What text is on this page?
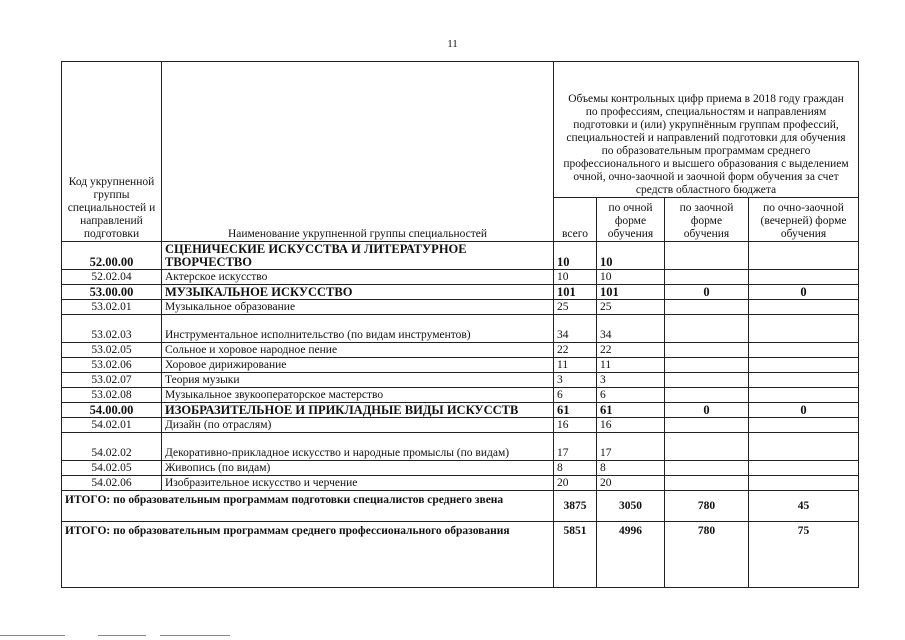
11
Код укрупненной группы специальностей и направлений подготовки	Наименование укрупненной группы специальностей	Объемы контрольных цифр приема в 2018 году граждан по профессиям, специальностям и направлениям подготовки и (или) укрупнённым группам профессий, специальностей и направлений подготовки для обучения по образовательным программам среднего профессионального и высшего образования с выделением очной, очно-заочной и заочной форм обучения за счет средств областного бюджета			
		всего	по очной форме обучения	по заочной форме обучения	по очно-заочной (вечерней) форме обучения
52.00.00	СЦЕНИЧЕСКИЕ ИСКУССТВА И ЛИТЕРАТУРНОЕ ТВОРЧЕСТВО	10	10		
52.02.04	Актерское искусство	10	10		
53.00.00	МУЗЫКАЛЬНОЕ ИСКУССТВО	101	101	0	0
53.02.01	Музыкальное образование	25	25		
53.02.03	Инструментальное исполнительство (по видам инструментов)	34	34		
53.02.05	Сольное и хоровое народное пение	22	22		
53.02.06	Хоровое дирижирование	11	11		
53.02.07	Теория музыки	3	3		
53.02.08	Музыкальное звукооператорское мастерство	6	6		
54.00.00	ИЗОБРАЗИТЕЛЬНОЕ И ПРИКЛАДНЫЕ ВИДЫ ИСКУССТВ	61	61	0	0
54.02.01	Дизайн (по отраслям)	16	16		
54.02.02	Декоративно-прикладное искусство и народные промыслы (по видам)	17	17		
54.02.05	Живопись (по видам)	8	8		
54.02.06	Изобразительное искусство и черчение	20	20		
ИТОГО: по образовательным программам подготовки специалистов среднего звена		3875	3050	780	45
ИТОГО: по образовательным программам среднего профессионального образования		5851	4996	780	75
